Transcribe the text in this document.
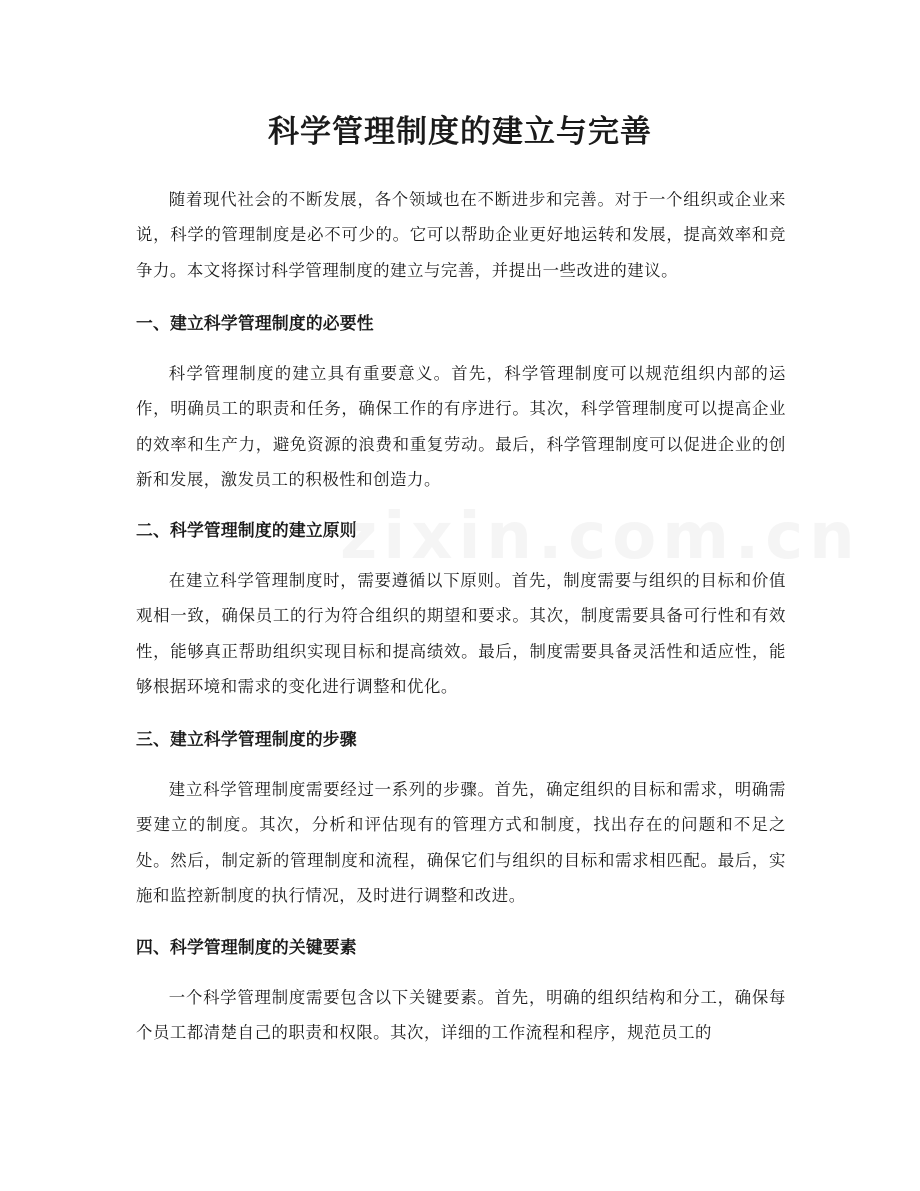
科学管理制度的建立与完善

随着现代社会的不断发展，各个领域也在不断进步和完善。对于一个组织或企业来说，科学的管理制度是必不可少的。它可以帮助企业更好地运转和发展，提高效率和竞争力。本文将探讨科学管理制度的建立与完善，并提出一些改进的建议。

一、建立科学管理制度的必要性

科学管理制度的建立具有重要意义。首先，科学管理制度可以规范组织内部的运作，明确员工的职责和任务，确保工作的有序进行。其次，科学管理制度可以提高企业的效率和生产力，避免资源的浪费和重复劳动。最后，科学管理制度可以促进企业的创新和发展，激发员工的积极性和创造力。

二、科学管理制度的建立原则

在建立科学管理制度时，需要遵循以下原则。首先，制度需要与组织的目标和价值观相一致，确保员工的行为符合组织的期望和要求。其次，制度需要具备可行性和有效性，能够真正帮助组织实现目标和提高绩效。最后，制度需要具备灵活性和适应性，能够根据环境和需求的变化进行调整和优化。

三、建立科学管理制度的步骤

建立科学管理制度需要经过一系列的步骤。首先，确定组织的目标和需求，明确需要建立的制度。其次，分析和评估现有的管理方式和制度，找出存在的问题和不足之处。然后，制定新的管理制度和流程，确保它们与组织的目标和需求相匹配。最后，实施和监控新制度的执行情况，及时进行调整和改进。

四、科学管理制度的关键要素

一个科学管理制度需要包含以下关键要素。首先，明确的组织结构和分工，确保每个员工都清楚自己的职责和权限。其次，详细的工作流程和程序，规范员工的

zixin.com.cn
